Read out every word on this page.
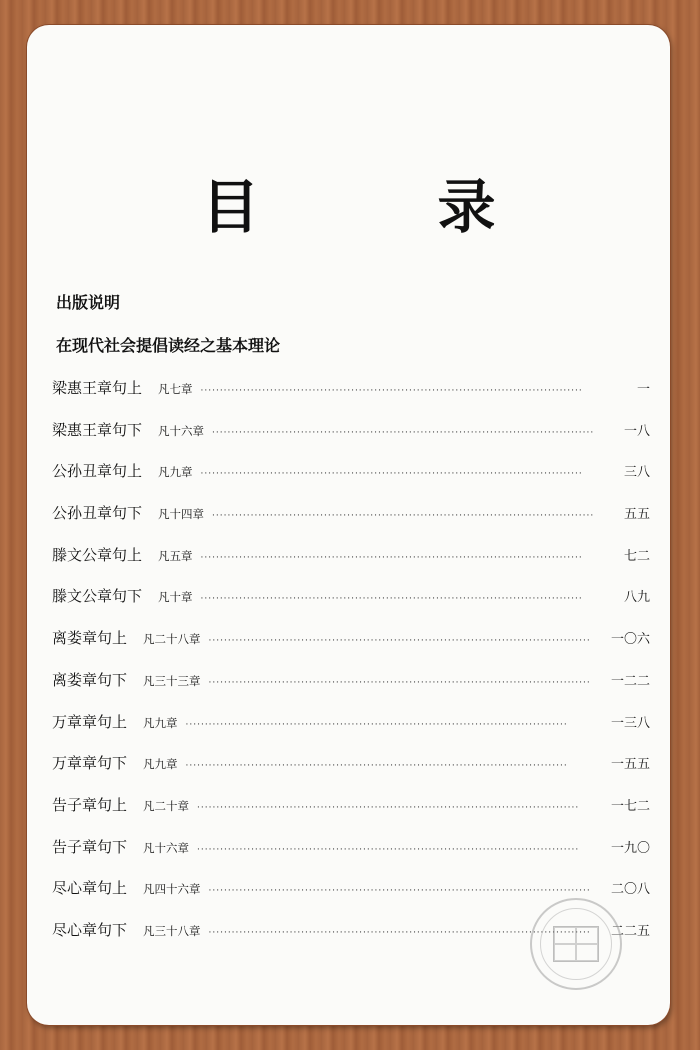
目　录
出版说明
在现代社会提倡读经之基本理论
梁惠王章句上 凡七章 ···································································································	一
梁惠王章句下 凡十六章 ···································································································	一八
公孙丑章句上 凡九章 ···································································································	三八
公孙丑章句下 凡十四章 ···································································································	五五
滕文公章句上 凡五章 ···································································································	七二
滕文公章句下 凡十章 ···································································································	八九
离娄章句上 凡二十八章 ···································································································	一〇六
离娄章句下 凡三十三章 ···································································································	一二二
万章章句上 凡九章 ···································································································	一三八
万章章句下 凡九章 ···································································································	一五五
告子章句上 凡二十章 ···································································································	一七二
告子章句下 凡十六章 ···································································································	一九〇
尽心章句上 凡四十六章 ···································································································	二〇八
尽心章句下 凡三十八章 ···································································································	二二五
